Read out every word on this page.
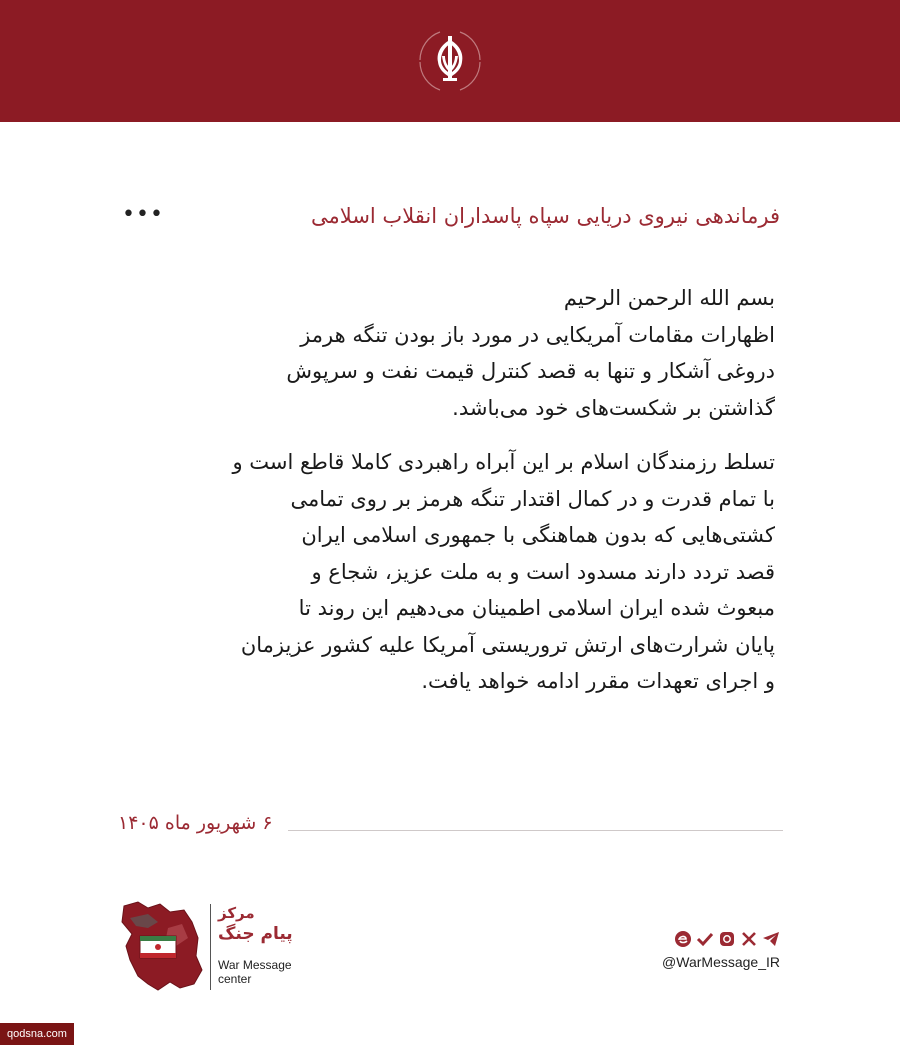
فرماندهی نیروی دریایی سپاه پاسداران انقلاب اسلامی
•••
بسم الله الرحمن الرحیم
اظهارات مقامات آمریکایی در مورد باز بودن تنگه هرمز
دروغی آشکار و تنها به قصد کنترل قیمت نفت و سرپوش
گذاشتن بر شکست‌های خود می‌باشد.
تسلط رزمندگان اسلام بر این آبراه راهبردی کاملا قاطع است و
با تمام قدرت و در کمال اقتدار تنگه هرمز بر روی تمامی
کشتی‌هایی که بدون هماهنگی با جمهوری اسلامی ایران
قصد تردد دارند مسدود است و به ملت عزیز، شجاع و
مبعوث شده ایران اسلامی اطمینان می‌دهیم این روند تا
پایان شرارت‌های ارتش تروریستی آمریکا علیه کشور عزیزمان
و اجرای تعهدات مقرر ادامه خواهد یافت.
۶ شهریور ماه ۱۴۰۵
مرکز
پیام جنگ
War Message
center
@WarMessage_IR
qodsna.com
